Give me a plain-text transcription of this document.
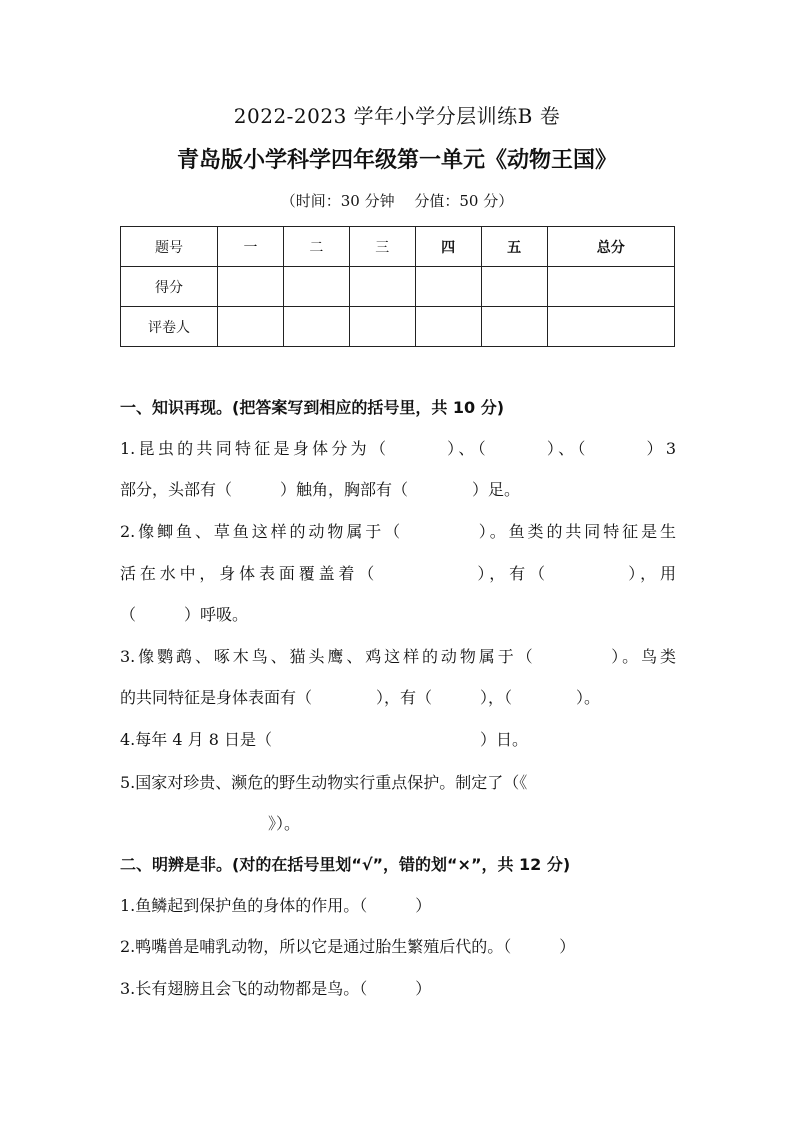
2022-2023 学年小学分层训练B 卷
青岛版小学科学四年级第一单元《动物王国》
（时间：30 分钟　 分值：50 分）
题号	一	二	三	四	五	总分
得分						
评卷人						
一、知识再现。(把答案写到相应的括号里，共 10 分)
1.昆虫的共同特征是身体分为（　　　）、（　　　）、（　　　）3
部分，头部有（　　　）触角，胸部有（　　　　）足。
2.像鲫鱼、草鱼这样的动物属于（　　　　）。鱼类的共同特征是生
活在水中，身体表面覆盖着（　　　　　），有（　　　　），用
（　　　）呼吸。
3.像鹦鹉、啄木鸟、猫头鹰、鸡这样的动物属于（　　　　）。鸟类
的共同特征是身体表面有（　　　　），有（　　　），（　　　　）。
4.每年 4 月 8 日是（　　　　　　　　　　　　　）日。
5.国家对珍贵、濒危的野生动物实行重点保护。制定了（《
》）。
二、明辨是非。(对的在括号里划“√”，错的划“×”，共 12 分)
1.鱼鳞起到保护鱼的身体的作用。（　　　）
2.鸭嘴兽是哺乳动物，所以它是通过胎生繁殖后代的。（　　　）
3.长有翅膀且会飞的动物都是鸟。（　　　）
